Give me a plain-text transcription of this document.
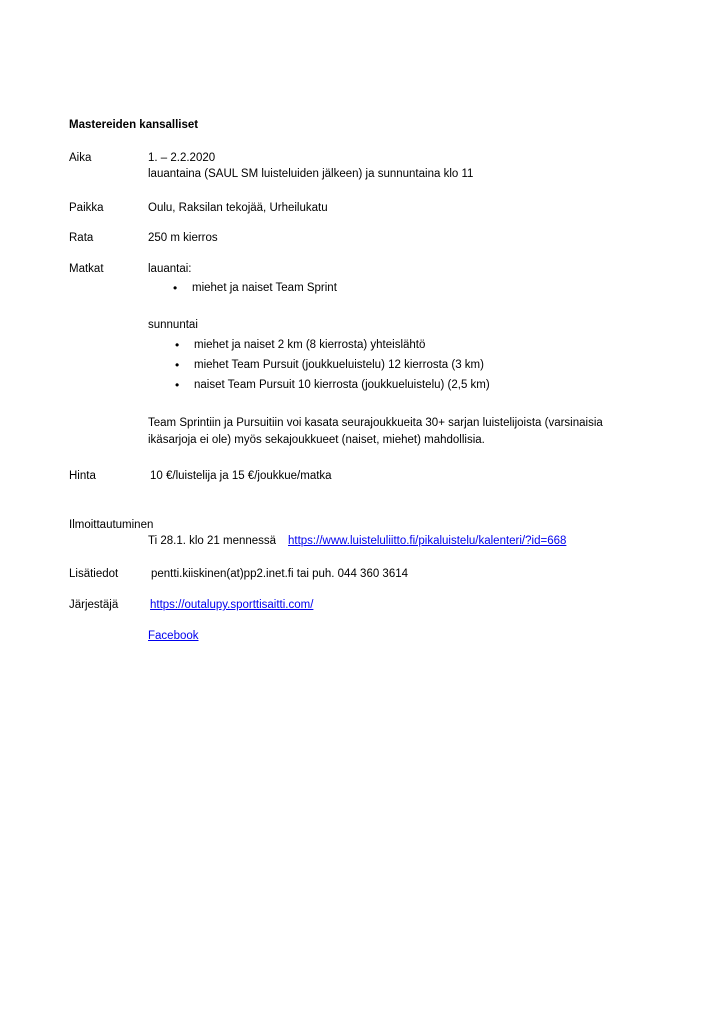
Mastereiden kansalliset
Aika	1. – 2.2.2020
lauantaina (SAUL SM luisteluiden jälkeen) ja sunnuntaina klo 11
Paikka	Oulu, Raksilan tekojää, Urheilukatu
Rata	250 m kierros
Matkat	lauantai:
• miehet ja naiset Team Sprint
sunnuntai
• miehet ja naiset 2 km (8 kierrosta) yhteislähtö
• miehet Team Pursuit (joukkueluistelu) 12 kierrosta (3 km)
• naiset Team Pursuit 10 kierrosta (joukkueluistelu) (2,5 km)
Team Sprintiin ja Pursuitiin voi kasata seurajoukkueita 30+ sarjan luistelijoista (varsinaisia
ikäsarjoja ei ole) myös sekajoukkueet (naiset, miehet) mahdollisia.
Hinta	10 €/luistelija ja 15 €/joukkue/matka
Ilmoittautuminen
Ti 28.1. klo 21 mennessä https://www.luisteluliitto.fi/pikaluistelu/kalenteri/?id=668
Lisätiedot	pentti.kiiskinen(at)pp2.inet.fi tai puh. 044 360 3614
Järjestäjä	https://outalupy.sporttisaitti.com/
Facebook
